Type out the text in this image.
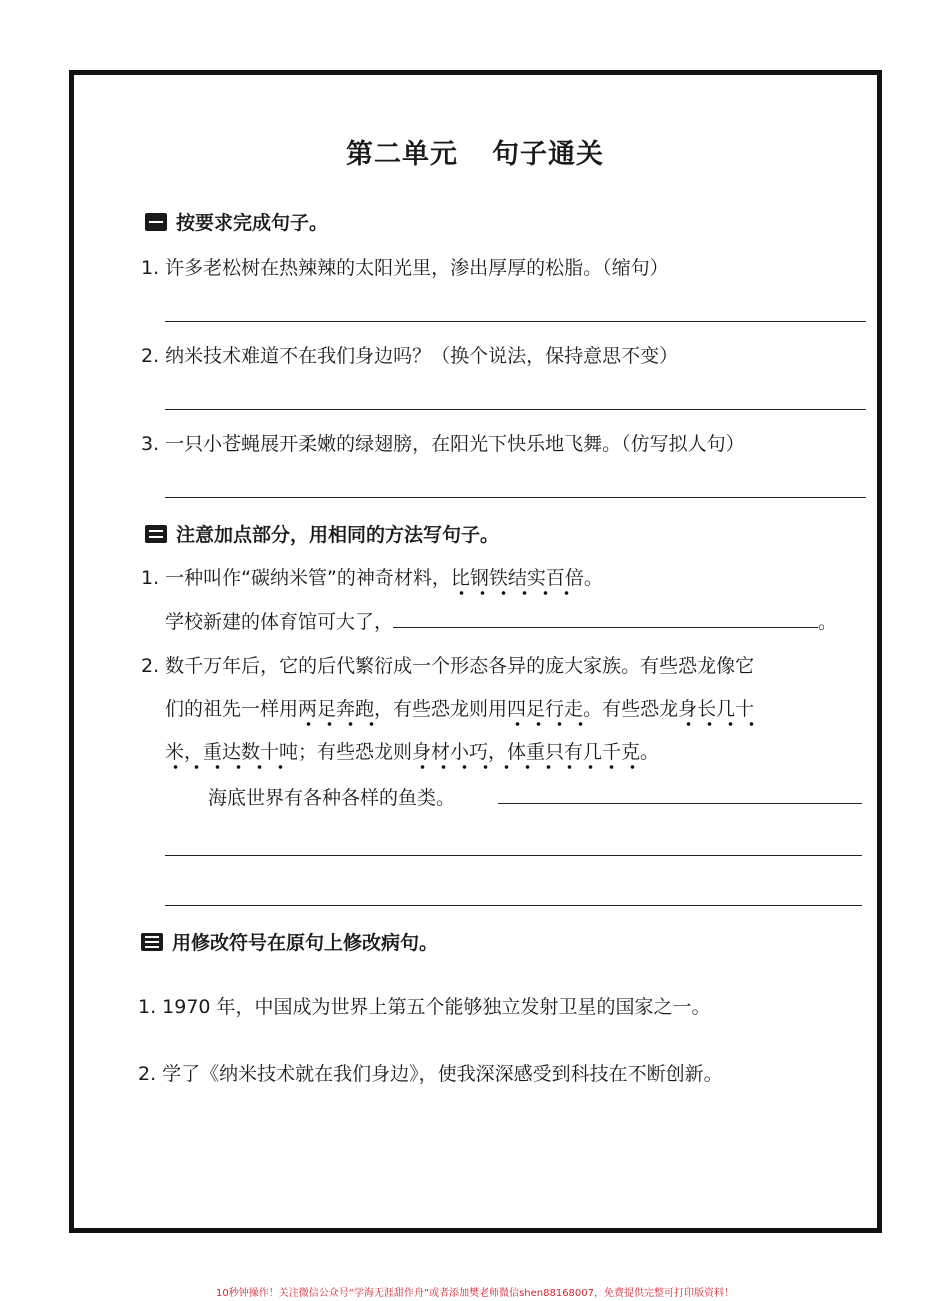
第二单元 句子通关
按要求完成句子。
1. 许多老松树在热辣辣的太阳光里，渗出厚厚的松脂。（缩句）
2. 纳米技术难道不在我们身边吗？（换个说法，保持意思不变）
3. 一只小苍蝇展开柔嫩的绿翅膀，在阳光下快乐地飞舞。（仿写拟人句）
注意加点部分，用相同的方法写句子。
1. 一种叫作“碳纳米管”的神奇材料，比钢铁结实百倍。
学校新建的体育馆可大了，	。
2. 数千万年后，它的后代繁衍成一个形态各异的庞大家族。有些恐龙像它
们的祖先一样用两足奔跑，有些恐龙则用四足行走。有些恐龙身长几十
米，重达数十吨；有些恐龙则身材小巧，体重只有几千克。
海底世界有各种各样的鱼类。
用修改符号在原句上修改病句。
1. 1970 年，中国成为世界上第五个能够独立发射卫星的国家之一。
2. 学了《纳米技术就在我们身边》，使我深深感受到科技在不断创新。
10秒钟操作！关注微信公众号“学海无涯甜作舟”或者添加樊老师微信shen88168007，免费提供完整可打印版资料！
